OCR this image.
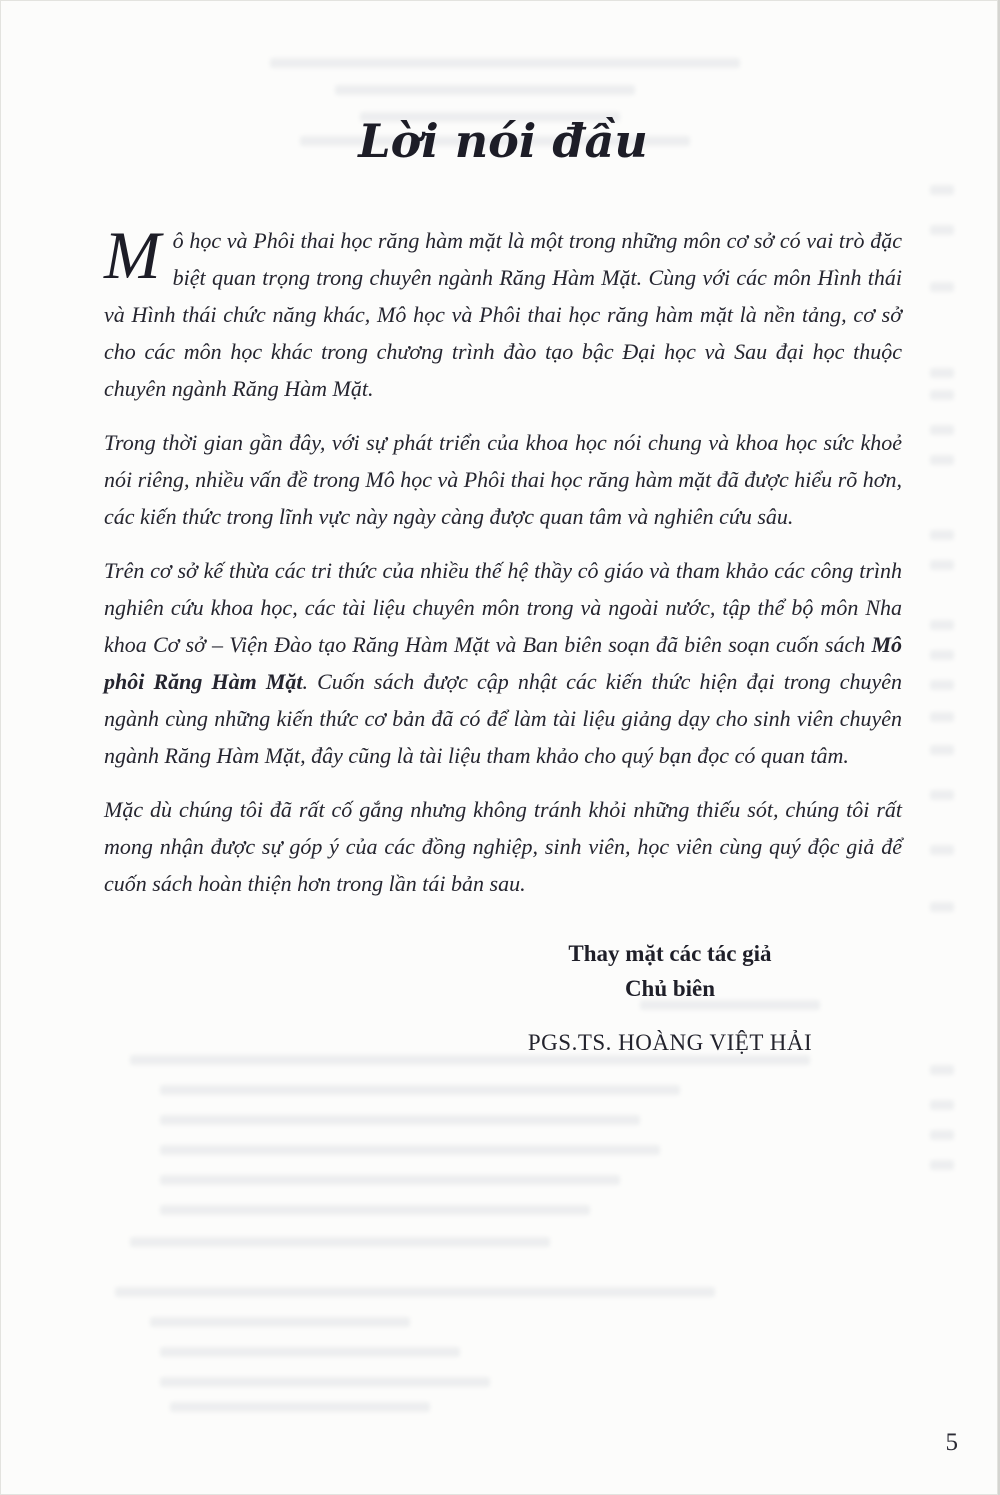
Lời nói đầu

Mô học và Phôi thai học răng hàm mặt là một trong những môn cơ sở có vai trò đặc biệt quan trọng trong chuyên ngành Răng Hàm Mặt. Cùng với các môn Hình thái và Hình thái chức năng khác, Mô học và Phôi thai học răng hàm mặt là nền tảng, cơ sở cho các môn học khác trong chương trình đào tạo bậc Đại học và Sau đại học thuộc chuyên ngành Răng Hàm Mặt.

Trong thời gian gần đây, với sự phát triển của khoa học nói chung và khoa học sức khoẻ nói riêng, nhiều vấn đề trong Mô học và Phôi thai học răng hàm mặt đã được hiểu rõ hơn, các kiến thức trong lĩnh vực này ngày càng được quan tâm và nghiên cứu sâu.

Trên cơ sở kế thừa các tri thức của nhiều thế hệ thầy cô giáo và tham khảo các công trình nghiên cứu khoa học, các tài liệu chuyên môn trong và ngoài nước, tập thể bộ môn Nha khoa Cơ sở – Viện Đào tạo Răng Hàm Mặt và Ban biên soạn đã biên soạn cuốn sách Mô phôi Răng Hàm Mặt. Cuốn sách được cập nhật các kiến thức hiện đại trong chuyên ngành cùng những kiến thức cơ bản đã có để làm tài liệu giảng dạy cho sinh viên chuyên ngành Răng Hàm Mặt, đây cũng là tài liệu tham khảo cho quý bạn đọc có quan tâm.

Mặc dù chúng tôi đã rất cố gắng nhưng không tránh khỏi những thiếu sót, chúng tôi rất mong nhận được sự góp ý của các đồng nghiệp, sinh viên, học viên cùng quý độc giả để cuốn sách hoàn thiện hơn trong lần tái bản sau.

Thay mặt các tác giả
Chủ biên
PGS.TS. HOÀNG VIỆT HẢI
5
